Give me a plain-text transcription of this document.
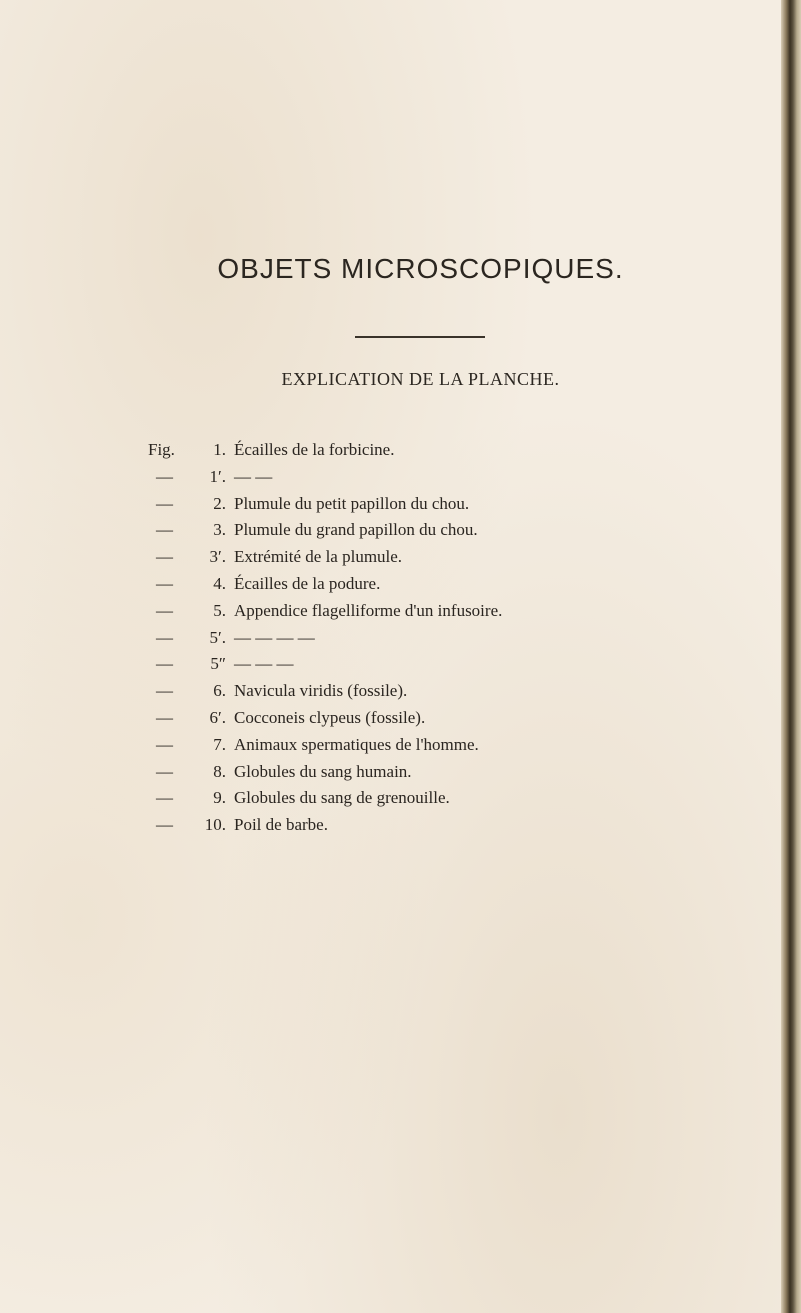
OBJETS MICROSCOPIQUES.
EXPLICATION DE LA PLANCHE.
Fig.	1. Écailles de la forbicine.
—	1′. — —
—	2. Plumule du petit papillon du chou.
—	3. Plumule du grand papillon du chou.
—	3′. Extrémité de la plumule.
—	4. Écailles de la podure.
—	5. Appendice flagelliforme d'un infusoire.
—	5′. — — — —
—	5″ — — —
—	6. Navicula viridis (fossile).
—	6′. Cocconeis clypeus (fossile).
—	7. Animaux spermatiques de l'homme.
—	8. Globules du sang humain.
—	9. Globules du sang de grenouille.
—	10. Poil de barbe.
